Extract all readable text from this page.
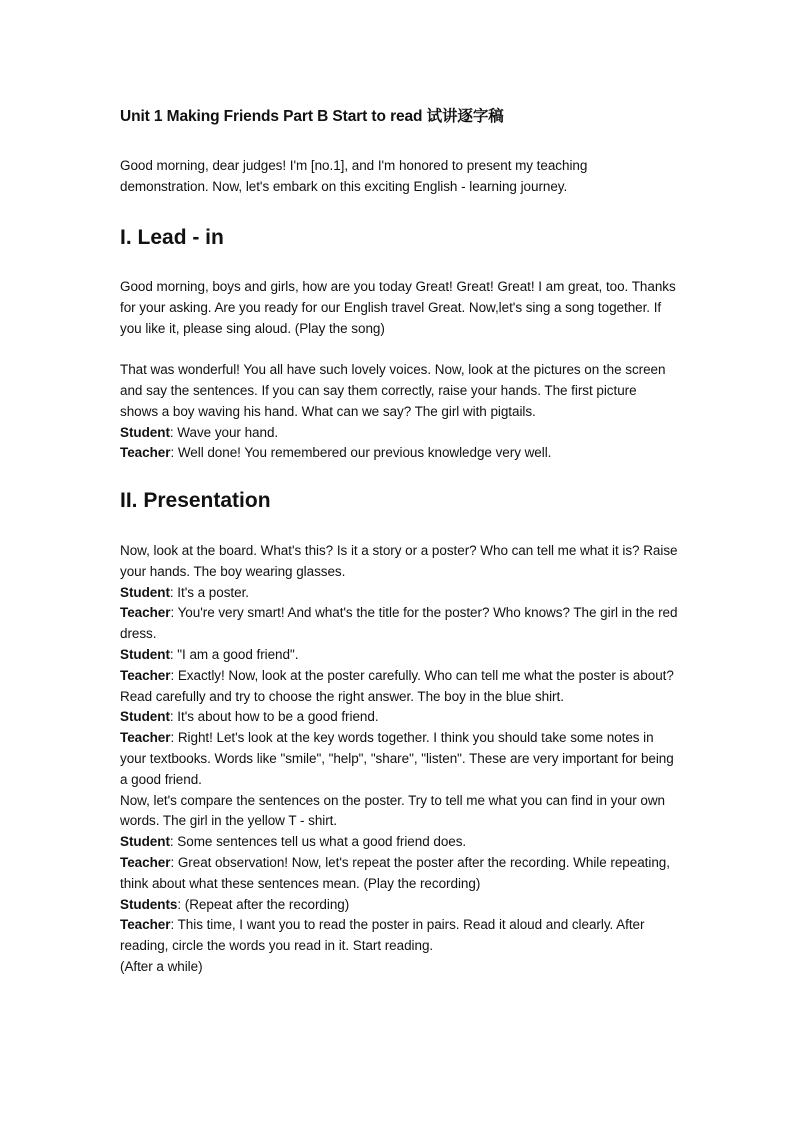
Unit 1 Making Friends Part B Start to read 试讲逐字稿

Good morning, dear judges! I'm [no.1], and I'm honored to present my teaching demonstration. Now, let's embark on this exciting English - learning journey.

I. Lead - in

Good morning, boys and girls, how are you today Great! Great! Great! I am great, too. Thanks for your asking. Are you ready for our English travel Great. Now,let's sing a song together. If you like it, please sing aloud. (Play the song)

That was wonderful! You all have such lovely voices. Now, look at the pictures on the screen and say the sentences. If you can say them correctly, raise your hands. The first picture shows a boy waving his hand. What can we say? The girl with pigtails.

Student: Wave your hand.

Teacher: Well done! You remembered our previous knowledge very well.

II. Presentation

Now, look at the board. What's this? Is it a story or a poster? Who can tell me what it is? Raise your hands. The boy wearing glasses.

Student: It's a poster.

Teacher: You're very smart! And what's the title for the poster? Who knows? The girl in the red dress.

Student: "I am a good friend".

Teacher: Exactly! Now, look at the poster carefully. Who can tell me what the poster is about? Read carefully and try to choose the right answer. The boy in the blue shirt.

Student: It's about how to be a good friend.

Teacher: Right! Let's look at the key words together. I think you should take some notes in your textbooks. Words like "smile", "help", "share", "listen". These are very important for being a good friend.

Now, let's compare the sentences on the poster. Try to tell me what you can find in your own words. The girl in the yellow T - shirt.

Student: Some sentences tell us what a good friend does.

Teacher: Great observation! Now, let's repeat the poster after the recording. While repeating, think about what these sentences mean. (Play the recording)

Students: (Repeat after the recording)

Teacher: This time, I want you to read the poster in pairs. Read it aloud and clearly. After reading, circle the words you read in it. Start reading.

(After a while)
